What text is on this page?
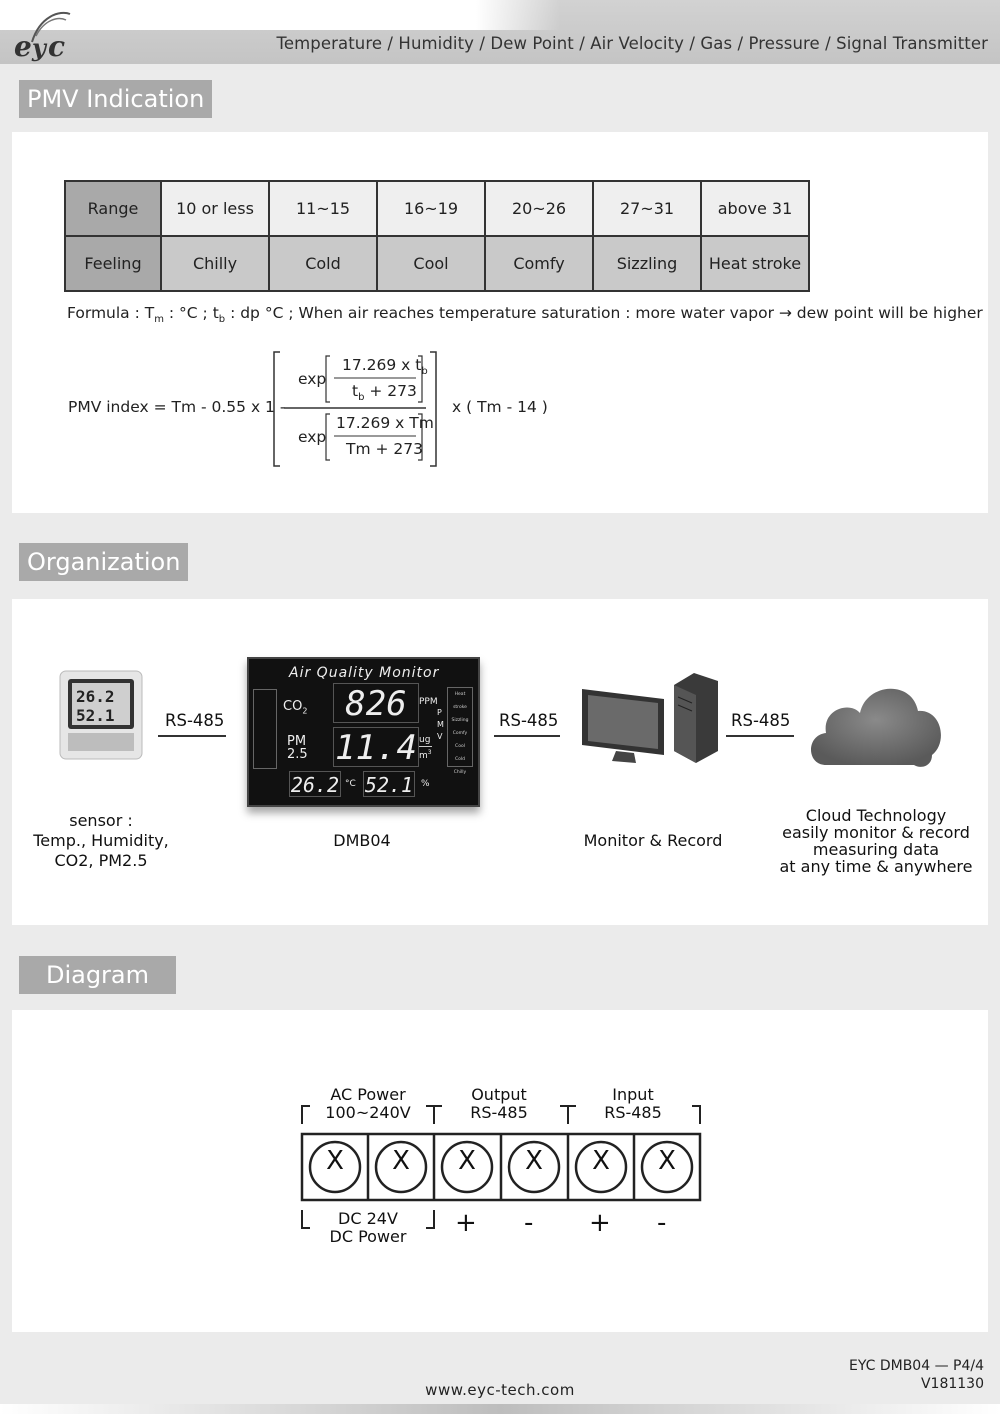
e y c	Temperature / Humidity / Dew Point / Air Velocity / Gas / Pressure / Signal Transmitter
PMV Indication
Range	10 or less	11~15	16~19	20~26	27~31	above 31
Feeling	Chilly	Cold	Cool	Comfy	Sizzling	Heat stroke
Formula : $T_m$ : °C ; $t_b$ : dp °C ; When air reaches temperature saturation : more water vapor → dew point will be higher
PMV index = Tm - 0.55 x 1 -
exp
17.269 x $t_b$
$t_b + 273$
exp
17.269 x Tm
Tm + 273
x ( Tm - 14 )
Organization
26.2
52.1
sensor :
Temp., Humidity,
CO2, PM2.5
RS-485
Air Quality Monitor
$CO_2$	826	PPM
PM
2.5 11.4 ug
$m^3$
P
M
V
Heat stroke
Sizzling
Comfy
Cool
Cold
Chilly
26.2 °C 52.1 %
DMB04
RS-485
Monitor & Record
RS-485
Cloud Technology
easily monitor & record
measuring data
at any time & anywhere
Diagram
AC Power
100~240V
Output
RS-485
Input
RS-485
X X X X X X
DC 24V
DC Power	+ - + -
EYC DMB04 — P4/4
V181130
www.eyc-tech.com
